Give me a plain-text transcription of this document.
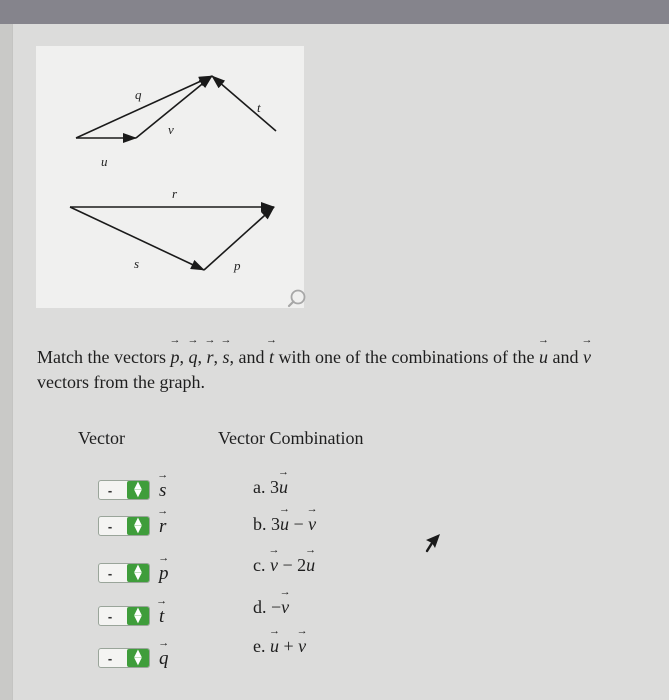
q
v
u
t
r
s	p
Match the vectors → p, → q, → r, → s, and → t with one of the combinations of the → u and → v vectors from the graph.
Vector	Vector Combination
-	▲
▼ → s
-	▲
▼ → r
-	▲
▼ → p
-	▲
▼ → t
-	▲
▼ → q
a. 3→ u
b. 3→ u − → v
c. → v − 2→ u
d. −→ v
e. → u + → v
